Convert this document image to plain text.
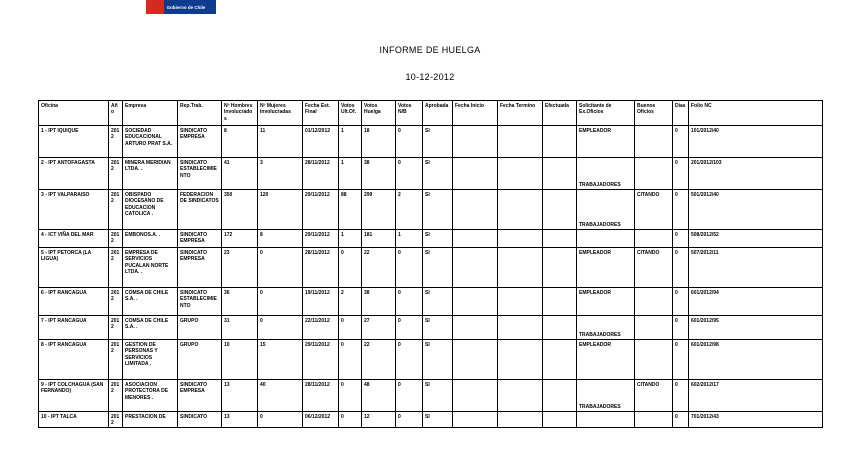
Gobierno de Chile
INFORME DE HUELGA
10-12-2012
Oficina	Año	Empresa	Rep.Trab.	Nº Hombres Involucrados	Nº Mujeres Involucradas	Fecha Est. Final	Votos Ult.Of.	Votos Huelga	Votos N/B	Aprobada	Fecha Inicio	Fecha Termino	Efectuada	Solicitante de Ex.Oficios	Buenos Oficios	Días	Folio NC
1 - IPT IQUIQUE	2012	SOCIEDAD EDUCACIONAL ARTURO PRAT S.A.	SINDICATO EMPRESA	8	11	01/12/2012	1	18	0	SI				EMPLEADOR		0	101/2012/40
2 - IPT ANTOFAGASTA	2012	MINERA MERIDIAN LTDA. .	SINDICATO ESTABLECIMIENTO	41	3	28/11/2012	1	38	0	SI				TRABAJADORES		0	201/2012/103
3 - IPT VALPARAISO	2012	OBISPADO DIOCESANO DE EDUCACION CATOLICA .	FEDERACION DE SINDICATOS	350	120	29/11/2012	88	299	2	SI				TRABAJADORES	CITANDO	0	501/2012/40
4 - ICT VIÑA DEL MAR	2012	EMBONOS.A. .	SINDICATO EMPRESA	172	8	29/11/2012	1	181	1	SI						0	508/2012/52
5 - IPT PETORCA (LA LIGUA)	2012	EMPRESA DE SERVICIOS PUCALAN NORTE LTDA. .	SINDICATO EMPRESA	23	0	28/11/2012	0	22	0	SI				EMPLEADOR	CITANDO	0	507/2012/11
6 - IPT RANCAGUA	2012	COMSA DE CHILE S.A. .	SINDICATO ESTABLECIMIENTO	36	0	19/11/2012	2	38	0	SI				EMPLEADOR		0	601/2012/94
7 - IPT RANCAGUA	2012	COMSA DE CHILE S.A. .	GRUPO	31	0	22/11/2012	0	27	0	SI				TRABAJADORES		0	601/2012/95
8 - IPT RANCAGUA	2012	GESTION DE PERSONAS Y SERVICIOS LIMITADA .	GRUPO	10	15	29/11/2012	0	22	0	SI				EMPLEADOR		0	601/2012/98
9 - IPT COLCHAGUA (SAN FERNANDO)	2012	ASOCIACION PROTECTORA DE MENORES .	SINDICATO EMPRESA	13	40	28/11/2012	0	48	0	SI				TRABAJADORES	CITANDO	0	602/2012/17
10 - IPT TALCA	2012	PRESTACION DE	SINDICATO	13	0	06/12/2012	0	12	0	SI						0	701/2012/43
